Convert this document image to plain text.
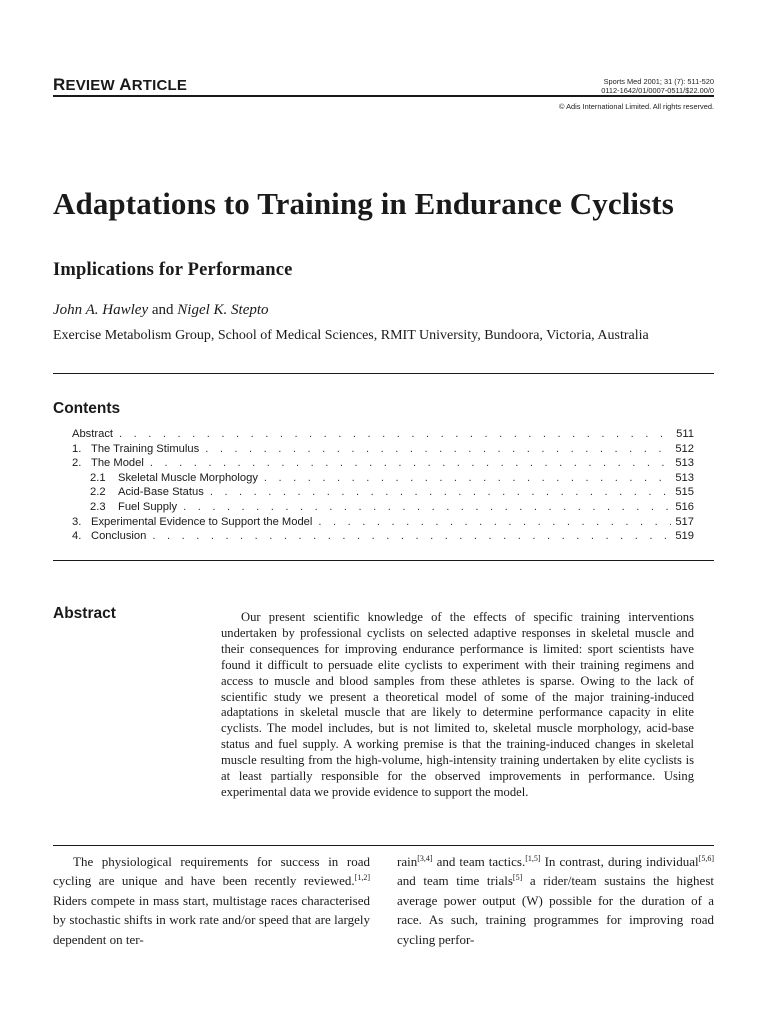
REVIEW ARTICLE	Sports Med 2001; 31 (7): 511-520
0112-1642/01/0007-0511/$22.00/0
© Adis International Limited. All rights reserved.
Adaptations to Training in Endurance Cyclists
Implications for Performance
John A. Hawley and Nigel K. Stepto
Exercise Metabolism Group, School of Medical Sciences, RMIT University, Bundoora, Victoria, Australia
Contents
Abstract . . .	511
1. The Training Stimulus . . .	512
2. The Model . . .	513
2.1	Skeletal Muscle Morphology . . .	513
2.2	Acid-Base Status . . .	515
2.3	Fuel Supply . . .	516
3. Experimental Evidence to Support the Model . . .	517
4. Conclusion . . .	519
Abstract	Our present scientific knowledge of the effects of specific training interventions undertaken by professional cyclists on selected adaptive responses in skeletal muscle and their consequences for improving endurance performance is limited: sport scientists have found it difficult to persuade elite cyclists to experiment with their training regimens and access to muscle and blood samples from these athletes is sparse. Owing to the lack of scientific study we present a theoretical model of some of the major training-induced adaptations in skeletal muscle that are likely to determine performance capacity in elite cyclists. The model includes, but is not limited to, skeletal muscle morphology, acid-base status and fuel supply. A working premise is that the training-induced changes in skeletal muscle resulting from the high-volume, high-intensity training undertaken by elite cyclists is at least partially responsible for the observed improvements in performance. Using experimental data we provide evidence to support the model.
The physiological requirements for success in road cycling are unique and have been recently reviewed.[1,2] Riders compete in mass start, multistage races characterised by stochastic shifts in work rate and/or speed that are largely dependent on ter-
rain[3,4] and team tactics.[1,5] In contrast, during individual[5,6] and team time trials[5] a rider/team sustains the highest average power output (W) possible for the duration of a race. As such, training programmes for improving road cycling perfor-
